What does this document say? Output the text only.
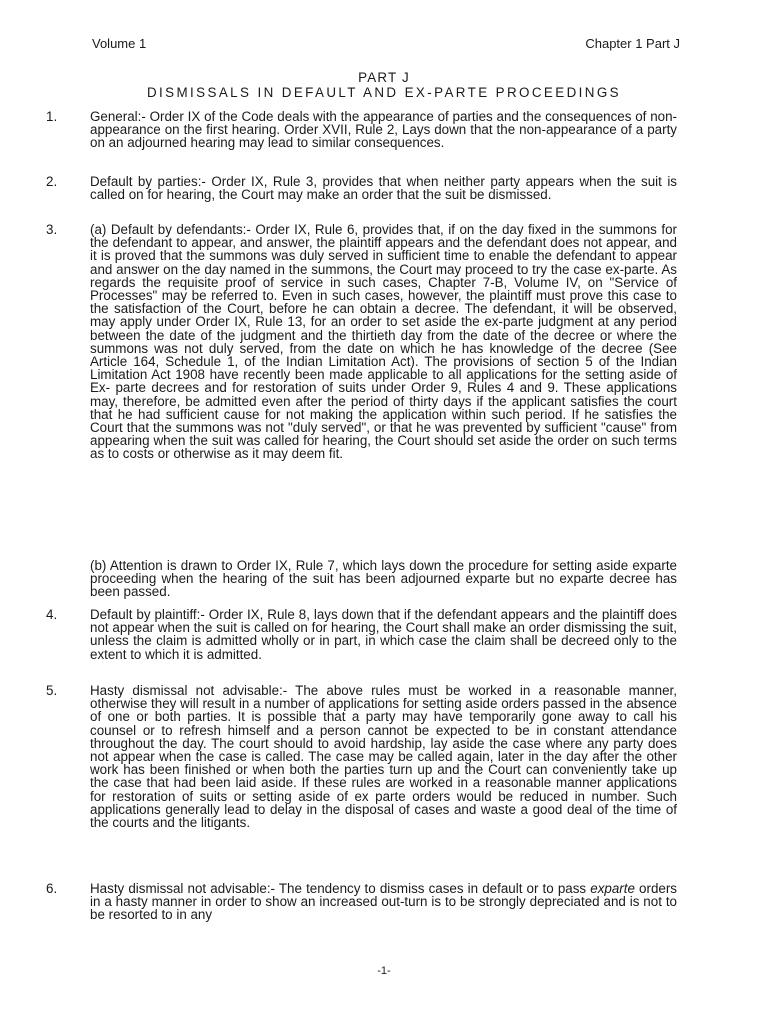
Volume 1	Chapter 1 Part J
PART J
DISMISSALS IN DEFAULT AND EX-PARTE PROCEEDINGS
1. General:- Order IX of the Code deals with the appearance of parties and the consequences of non-appearance on the first hearing. Order XVII, Rule 2, Lays down that the non-appearance of a party on an adjourned hearing may lead to similar consequences.
2. Default by parties:- Order IX, Rule 3, provides that when neither party appears when the suit is called on for hearing, the Court may make an order that the suit be dismissed.
3. (a) Default by defendants:- Order IX, Rule 6, provides that, if on the day fixed in the summons for the defendant to appear, and answer, the plaintiff appears and the defendant does not appear, and it is proved that the summons was duly served in sufficient time to enable the defendant to appear and answer on the day named in the summons, the Court may proceed to try the case ex-parte. As regards the requisite proof of service in such cases, Chapter 7-B, Volume IV, on "Service of Processes" may be referred to. Even in such cases, however, the plaintiff must prove this case to the satisfaction of the Court, before he can obtain a decree. The defendant, it will be observed, may apply under Order IX, Rule 13, for an order to set aside the ex-parte judgment at any period between the date of the judgment and the thirtieth day from the date of the decree or where the summons was not duly served, from the date on which he has knowledge of the decree (See Article 164, Schedule 1, of the Indian Limitation Act). The provisions of section 5 of the Indian Limitation Act 1908 have recently been made applicable to all applications for the setting aside of Ex- parte decrees and for restoration of suits under Order 9, Rules 4 and 9. These applications may, therefore, be admitted even after the period of thirty days if the applicant satisfies the court that he had sufficient cause for not making the application within such period. If he satisfies the Court that the summons was not "duly served", or that he was prevented by sufficient "cause" from appearing when the suit was called for hearing, the Court should set aside the order on such terms as to costs or otherwise as it may deem fit.
(b) Attention is drawn to Order IX, Rule 7, which lays down the procedure for setting aside exparte proceeding when the hearing of the suit has been adjourned exparte but no exparte decree has been passed.
4. Default by plaintiff:- Order IX, Rule 8, lays down that if the defendant appears and the plaintiff does not appear when the suit is called on for hearing, the Court shall make an order dismissing the suit, unless the claim is admitted wholly or in part, in which case the claim shall be decreed only to the extent to which it is admitted.
5. Hasty dismissal not advisable:- The above rules must be worked in a reasonable manner, otherwise they will result in a number of applications for setting aside orders passed in the absence of one or both parties. It is possible that a party may have temporarily gone away to call his counsel or to refresh himself and a person cannot be expected to be in constant attendance throughout the day. The court should to avoid hardship, lay aside the case where any party does not appear when the case is called. The case may be called again, later in the day after the other work has been finished or when both the parties turn up and the Court can conveniently take up the case that had been laid aside. If these rules are worked in a reasonable manner applications for restoration of suits or setting aside of ex parte orders would be reduced in number. Such applications generally lead to delay in the disposal of cases and waste a good deal of the time of the courts and the litigants.
6. Hasty dismissal not advisable:- The tendency to dismiss cases in default or to pass exparte orders in a hasty manner in order to show an increased out-turn is to be strongly depreciated and is not to be resorted to in any
-1-
